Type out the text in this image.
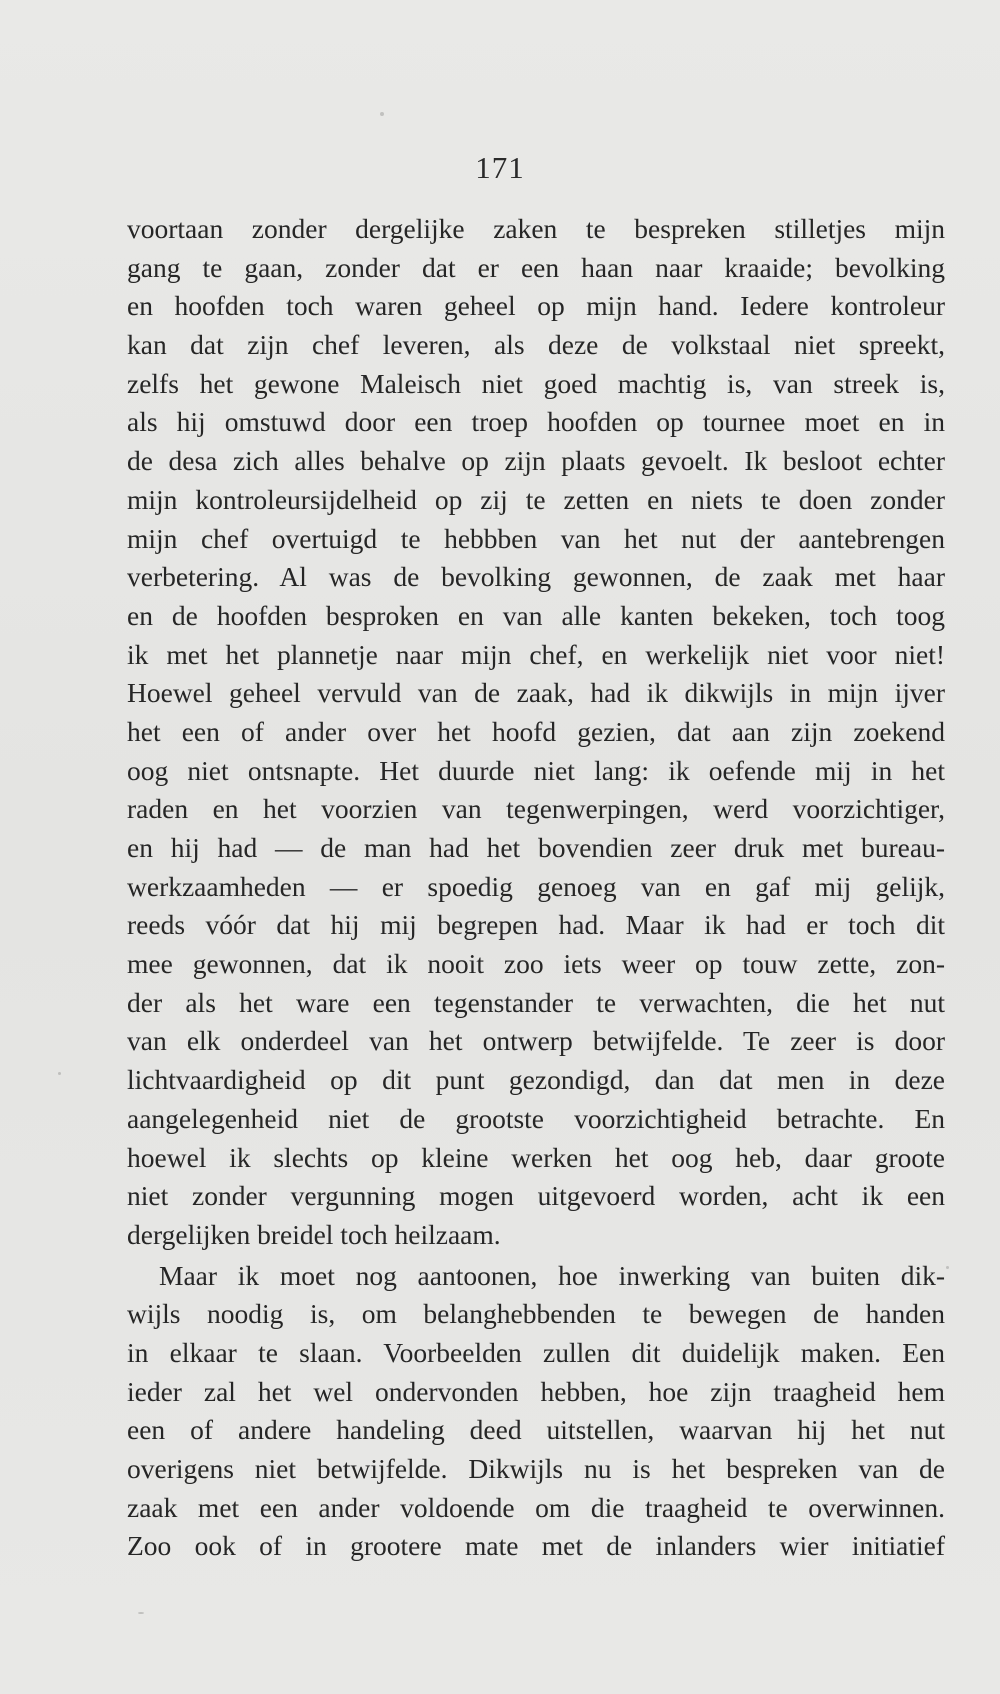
171
voortaan zonder dergelijke zaken te bespreken stilletjes mijn
gang te gaan, zonder dat er een haan naar kraaide; bevolking
en hoofden toch waren geheel op mijn hand. Iedere kontroleur
kan dat zijn chef leveren, als deze de volkstaal niet spreekt,
zelfs het gewone Maleisch niet goed machtig is, van streek is,
als hij omstuwd door een troep hoofden op tournee moet en in
de desa zich alles behalve op zijn plaats gevoelt. Ik besloot echter
mijn kontroleursijdelheid op zij te zetten en niets te doen zonder
mijn chef overtuigd te hebbben van het nut der aantebrengen
verbetering. Al was de bevolking gewonnen, de zaak met haar
en de hoofden besproken en van alle kanten bekeken, toch toog
ik met het plannetje naar mijn chef, en werkelijk niet voor niet!
Hoewel geheel vervuld van de zaak, had ik dikwijls in mijn ijver
het een of ander over het hoofd gezien, dat aan zijn zoekend
oog niet ontsnapte. Het duurde niet lang: ik oefende mij in het
raden en het voorzien van tegenwerpingen, werd voorzichtiger,
en hij had — de man had het bovendien zeer druk met bureau-
werkzaamheden — er spoedig genoeg van en gaf mij gelijk,
reeds vóór dat hij mij begrepen had. Maar ik had er toch dit
mee gewonnen, dat ik nooit zoo iets weer op touw zette, zon-
der als het ware een tegenstander te verwachten, die het nut
van elk onderdeel van het ontwerp betwijfelde. Te zeer is door
lichtvaardigheid op dit punt gezondigd, dan dat men in deze
aangelegenheid niet de grootste voorzichtigheid betrachte. En
hoewel ik slechts op kleine werken het oog heb, daar groote
niet zonder vergunning mogen uitgevoerd worden, acht ik een
dergelijken breidel toch heilzaam.
Maar ik moet nog aantoonen, hoe inwerking van buiten dik-
wijls noodig is, om belanghebbenden te bewegen de handen
in elkaar te slaan. Voorbeelden zullen dit duidelijk maken. Een
ieder zal het wel ondervonden hebben, hoe zijn traagheid hem
een of andere handeling deed uitstellen, waarvan hij het nut
overigens niet betwijfelde. Dikwijls nu is het bespreken van de
zaak met een ander voldoende om die traagheid te overwinnen.
Zoo ook of in grootere mate met de inlanders wier initiatief
